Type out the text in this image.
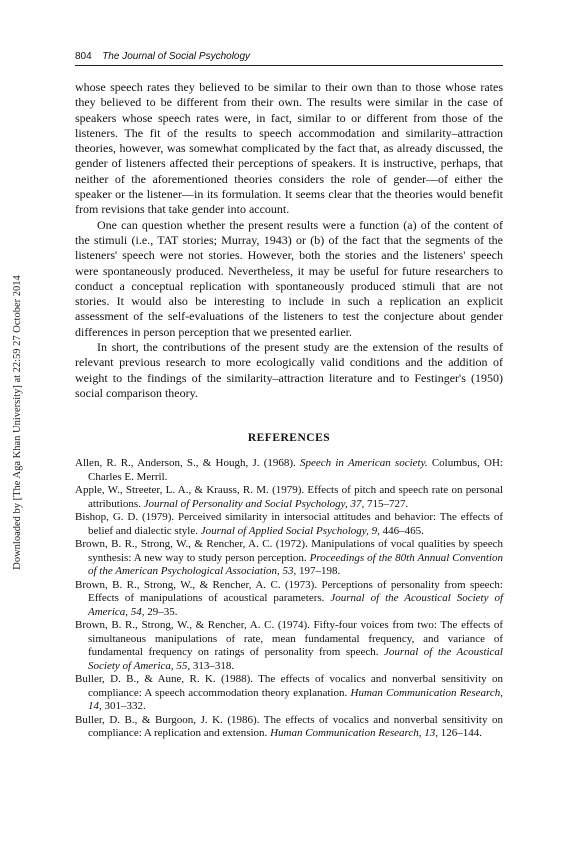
804 The Journal of Social Psychology
Downloaded by [The Aga Khan University] at 22:59 27 October 2014

whose speech rates they believed to be similar to their own than to those whose rates they believed to be different from their own. The results were similar in the case of speakers whose speech rates were, in fact, similar to or different from those of the listeners. The fit of the results to speech accommodation and similarity–attraction theories, however, was somewhat complicated by the fact that, as already discussed, the gender of listeners affected their perceptions of speakers. It is instructive, perhaps, that neither of the aforementioned theories considers the role of gender—of either the speaker or the listener—in its formulation. It seems clear that the theories would benefit from revisions that take gender into account.

One can question whether the present results were a function (a) of the content of the stimuli (i.e., TAT stories; Murray, 1943) or (b) of the fact that the segments of the listeners' speech were not stories. However, both the stories and the listeners' speech were spontaneously produced. Nevertheless, it may be useful for future researchers to conduct a conceptual replication with spontaneously produced stimuli that are not stories. It would also be interesting to include in such a replication an explicit assessment of the self-evaluations of the listeners to test the conjecture about gender differences in person perception that we presented earlier.

In short, the contributions of the present study are the extension of the results of relevant previous research to more ecologically valid conditions and the addition of weight to the findings of the similarity–attraction literature and to Festinger's (1950) social comparison theory.

REFERENCES

Allen, R. R., Anderson, S., & Hough, J. (1968). Speech in American society. Columbus, OH: Charles E. Merril.

Apple, W., Streeter, L. A., & Krauss, R. M. (1979). Effects of pitch and speech rate on personal attributions. Journal of Personality and Social Psychology, 37, 715–727.

Bishop, G. D. (1979). Perceived similarity in intersocial attitudes and behavior: The effects of belief and dialectic style. Journal of Applied Social Psychology, 9, 446–465.

Brown, B. R., Strong, W., & Rencher, A. C. (1972). Manipulations of vocal qualities by speech synthesis: A new way to study person perception. Proceedings of the 80th Annual Convention of the American Psychological Association, 53, 197–198.

Brown, B. R., Strong, W., & Rencher, A. C. (1973). Perceptions of personality from speech: Effects of manipulations of acoustical parameters. Journal of the Acoustical Society of America, 54, 29–35.

Brown, B. R., Strong, W., & Rencher, A. C. (1974). Fifty-four voices from two: The effects of simultaneous manipulations of rate, mean fundamental frequency, and variance of fundamental frequency on ratings of personality from speech. Journal of the Acoustical Society of America, 55, 313–318.

Buller, D. B., & Aune, R. K. (1988). The effects of vocalics and nonverbal sensitivity on compliance: A speech accommodation theory explanation. Human Communication Research, 14, 301–332.

Buller, D. B., & Burgoon, J. K. (1986). The effects of vocalics and nonverbal sensitivity on compliance: A replication and extension. Human Communication Research, 13, 126–144.
